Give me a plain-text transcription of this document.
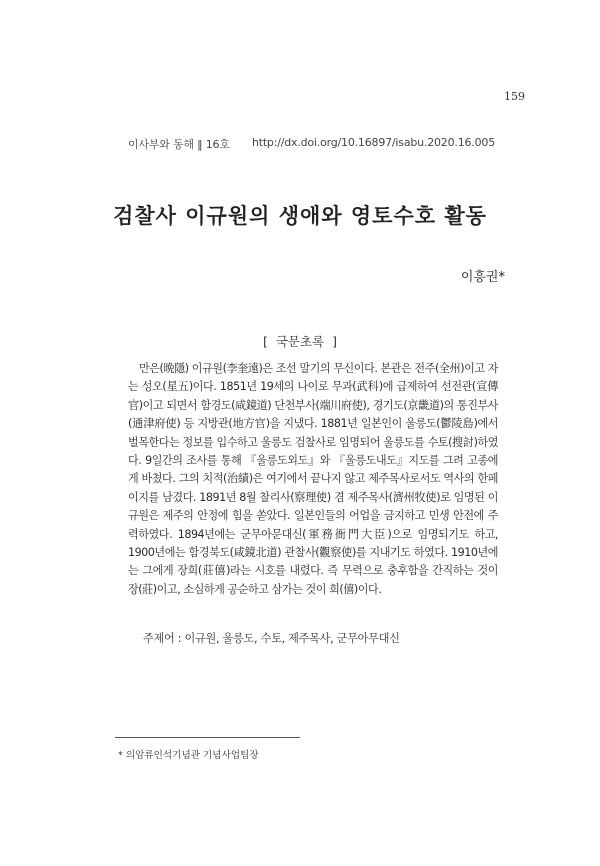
159
이사부와 동해 ‖ 16호 http://dx.doi.org/10.16897/isabu.2020.16.005
검찰사 이규원의 생애와 영토수호 활동
이흥권*
[ 국문초록 ]

만은(晩隱) 이규원(李奎遠)은 조선 말기의 무신이다. 본관은 전주(全州)이고 자는 성오(星五)이다. 1851년 19세의 나이로 무과(武科)에 급제하여 선전관(宣傳官)이고 되면서 함경도(咸鏡道) 단천부사(端川府使), 경기도(京畿道)의 통진부사(通津府使) 등 지방관(地方官)을 지냈다. 1881년 일본인이 울릉도(鬱陵島)에서 벌목한다는 정보를 입수하고 울릉도 검찰사로 임명되어 울릉도를 수토(搜討)하였다. 9일간의 조사를 통해 『울릉도외도』와 『울릉도내도』지도를 그려 고종에게 바쳤다. 그의 치적(治績)은 여기에서 끝나지 않고 제주목사로서도 역사의 한페이지를 남겼다. 1891년 8월 찰리사(察理使) 겸 제주목사(濟州牧使)로 임명된 이규원은 제주의 안정에 힘을 쏟았다. 일본인들의 어업을 금지하고 민생 안전에 주력하였다. 1894년에는 군무아문대신(軍務衙門大臣)으로 임명되기도 하고, 1900년에는 함경북도(咸鏡北道) 관찰사(觀察使)를 지내기도 하였다. 1910년에는 그에게 장희(莊僖)라는 시호를 내렸다. 즉 무력으로 충후함을 간직하는 것이 장(莊)이고, 소심하게 공순하고 삼가는 것이 희(僖)이다.

주제어 : 이규원, 울릉도, 수토, 제주목사, 군무아무대신
* 의암류인석기념관 기념사업팀장
